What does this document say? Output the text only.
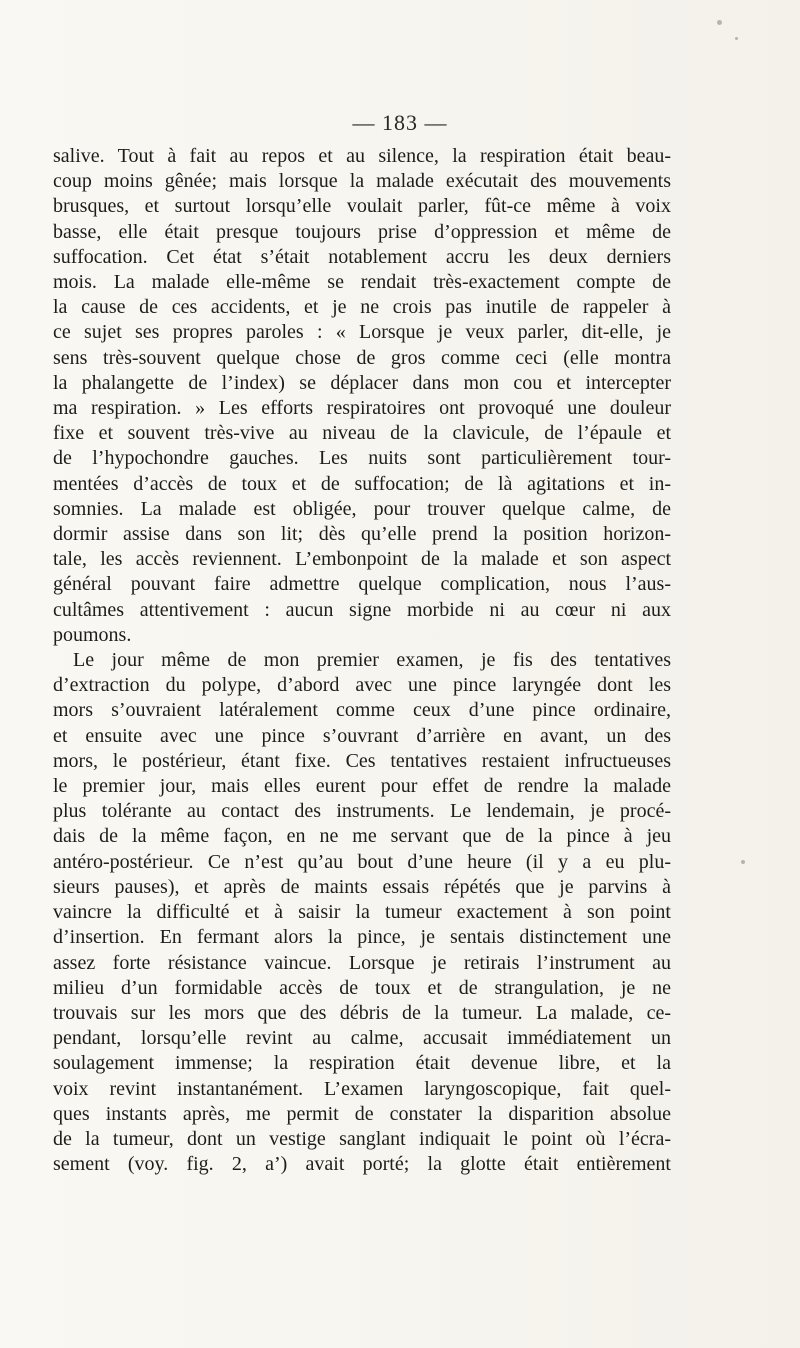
— 183 —
salive. Tout à fait au repos et au silence, la respiration était beau-
coup moins gênée; mais lorsque la malade exécutait des mouvements
brusques, et surtout lorsqu’elle voulait parler, fût-ce même à voix
basse, elle était presque toujours prise d’oppression et même de
suffocation. Cet état s’était notablement accru les deux derniers
mois. La malade elle-même se rendait très-exactement compte de
la cause de ces accidents, et je ne crois pas inutile de rappeler à
ce sujet ses propres paroles : « Lorsque je veux parler, dit-elle, je
sens très-souvent quelque chose de gros comme ceci (elle montra
la phalangette de l’index) se déplacer dans mon cou et intercepter
ma respiration. » Les efforts respiratoires ont provoqué une douleur
fixe et souvent très-vive au niveau de la clavicule, de l’épaule et
de l’hypochondre gauches. Les nuits sont particulièrement tour-
mentées d’accès de toux et de suffocation; de là agitations et in-
somnies. La malade est obligée, pour trouver quelque calme, de
dormir assise dans son lit; dès qu’elle prend la position horizon-
tale, les accès reviennent. L’embonpoint de la malade et son aspect
général pouvant faire admettre quelque complication, nous l’aus-
cultâmes attentivement : aucun signe morbide ni au cœur ni aux
poumons.
Le jour même de mon premier examen, je fis des tentatives
d’extraction du polype, d’abord avec une pince laryngée dont les
mors s’ouvraient latéralement comme ceux d’une pince ordinaire,
et ensuite avec une pince s’ouvrant d’arrière en avant, un des
mors, le postérieur, étant fixe. Ces tentatives restaient infructueuses
le premier jour, mais elles eurent pour effet de rendre la malade
plus tolérante au contact des instruments. Le lendemain, je procé-
dais de la même façon, en ne me servant que de la pince à jeu
antéro-postérieur. Ce n’est qu’au bout d’une heure (il y a eu plu-
sieurs pauses), et après de maints essais répétés que je parvins à
vaincre la difficulté et à saisir la tumeur exactement à son point
d’insertion. En fermant alors la pince, je sentais distinctement une
assez forte résistance vaincue. Lorsque je retirais l’instrument au
milieu d’un formidable accès de toux et de strangulation, je ne
trouvais sur les mors que des débris de la tumeur. La malade, ce-
pendant, lorsqu’elle revint au calme, accusait immédiatement un
soulagement immense; la respiration était devenue libre, et la
voix revint instantanément. L’examen laryngoscopique, fait quel-
ques instants après, me permit de constater la disparition absolue
de la tumeur, dont un vestige sanglant indiquait le point où l’écra-
sement (voy. fig. 2, a’) avait porté; la glotte était entièrement
